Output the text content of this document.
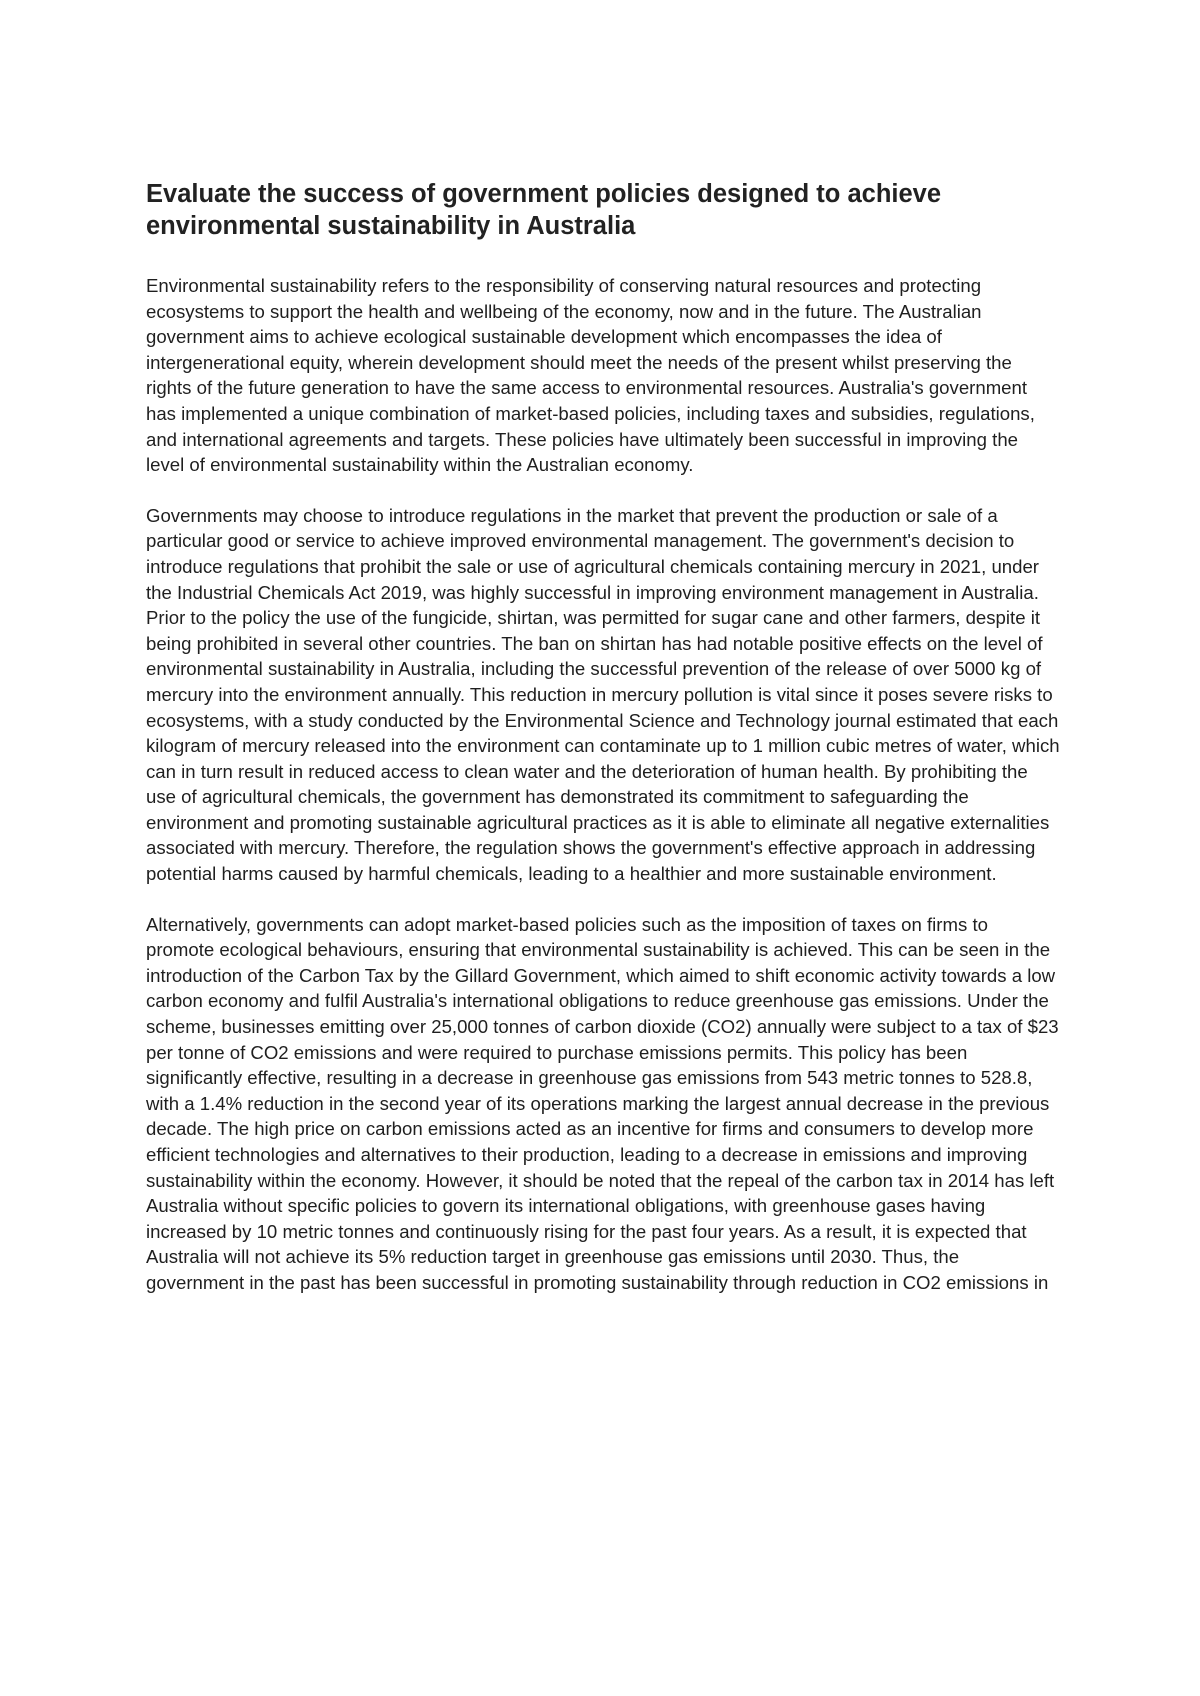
Evaluate the success of government policies designed to achieve environmental sustainability in Australia

Environmental sustainability refers to the responsibility of conserving natural resources and protecting ecosystems to support the health and wellbeing of the economy, now and in the future. The Australian government aims to achieve ecological sustainable development which encompasses the idea of intergenerational equity, wherein development should meet the needs of the present whilst preserving the rights of the future generation to have the same access to environmental resources. Australia's government has implemented a unique combination of market-based policies, including taxes and subsidies, regulations, and international agreements and targets. These policies have ultimately been successful in improving the level of environmental sustainability within the Australian economy.

Governments may choose to introduce regulations in the market that prevent the production or sale of a particular good or service to achieve improved environmental management. The government's decision to introduce regulations that prohibit the sale or use of agricultural chemicals containing mercury in 2021, under the Industrial Chemicals Act 2019, was highly successful in improving environment management in Australia. Prior to the policy the use of the fungicide, shirtan, was permitted for sugar cane and other farmers, despite it being prohibited in several other countries. The ban on shirtan has had notable positive effects on the level of environmental sustainability in Australia, including the successful prevention of the release of over 5000 kg of mercury into the environment annually. This reduction in mercury pollution is vital since it poses severe risks to ecosystems, with a study conducted by the Environmental Science and Technology journal estimated that each kilogram of mercury released into the environment can contaminate up to 1 million cubic metres of water, which can in turn result in reduced access to clean water and the deterioration of human health. By prohibiting the use of agricultural chemicals, the government has demonstrated its commitment to safeguarding the environment and promoting sustainable agricultural practices as it is able to eliminate all negative externalities associated with mercury. Therefore, the regulation shows the government's effective approach in addressing potential harms caused by harmful chemicals, leading to a healthier and more sustainable environment.

Alternatively, governments can adopt market-based policies such as the imposition of taxes on firms to promote ecological behaviours, ensuring that environmental sustainability is achieved. This can be seen in the introduction of the Carbon Tax by the Gillard Government, which aimed to shift economic activity towards a low carbon economy and fulfil Australia's international obligations to reduce greenhouse gas emissions. Under the scheme, businesses emitting over 25,000 tonnes of carbon dioxide (CO2) annually were subject to a tax of $23 per tonne of CO2 emissions and were required to purchase emissions permits. This policy has been significantly effective, resulting in a decrease in greenhouse gas emissions from 543 metric tonnes to 528.8, with a 1.4% reduction in the second year of its operations marking the largest annual decrease in the previous decade. The high price on carbon emissions acted as an incentive for firms and consumers to develop more efficient technologies and alternatives to their production, leading to a decrease in emissions and improving sustainability within the economy. However, it should be noted that the repeal of the carbon tax in 2014 has left Australia without specific policies to govern its international obligations, with greenhouse gases having increased by 10 metric tonnes and continuously rising for the past four years. As a result, it is expected that Australia will not achieve its 5% reduction target in greenhouse gas emissions until 2030. Thus, the government in the past has been successful in promoting sustainability through reduction in CO2 emissions in
